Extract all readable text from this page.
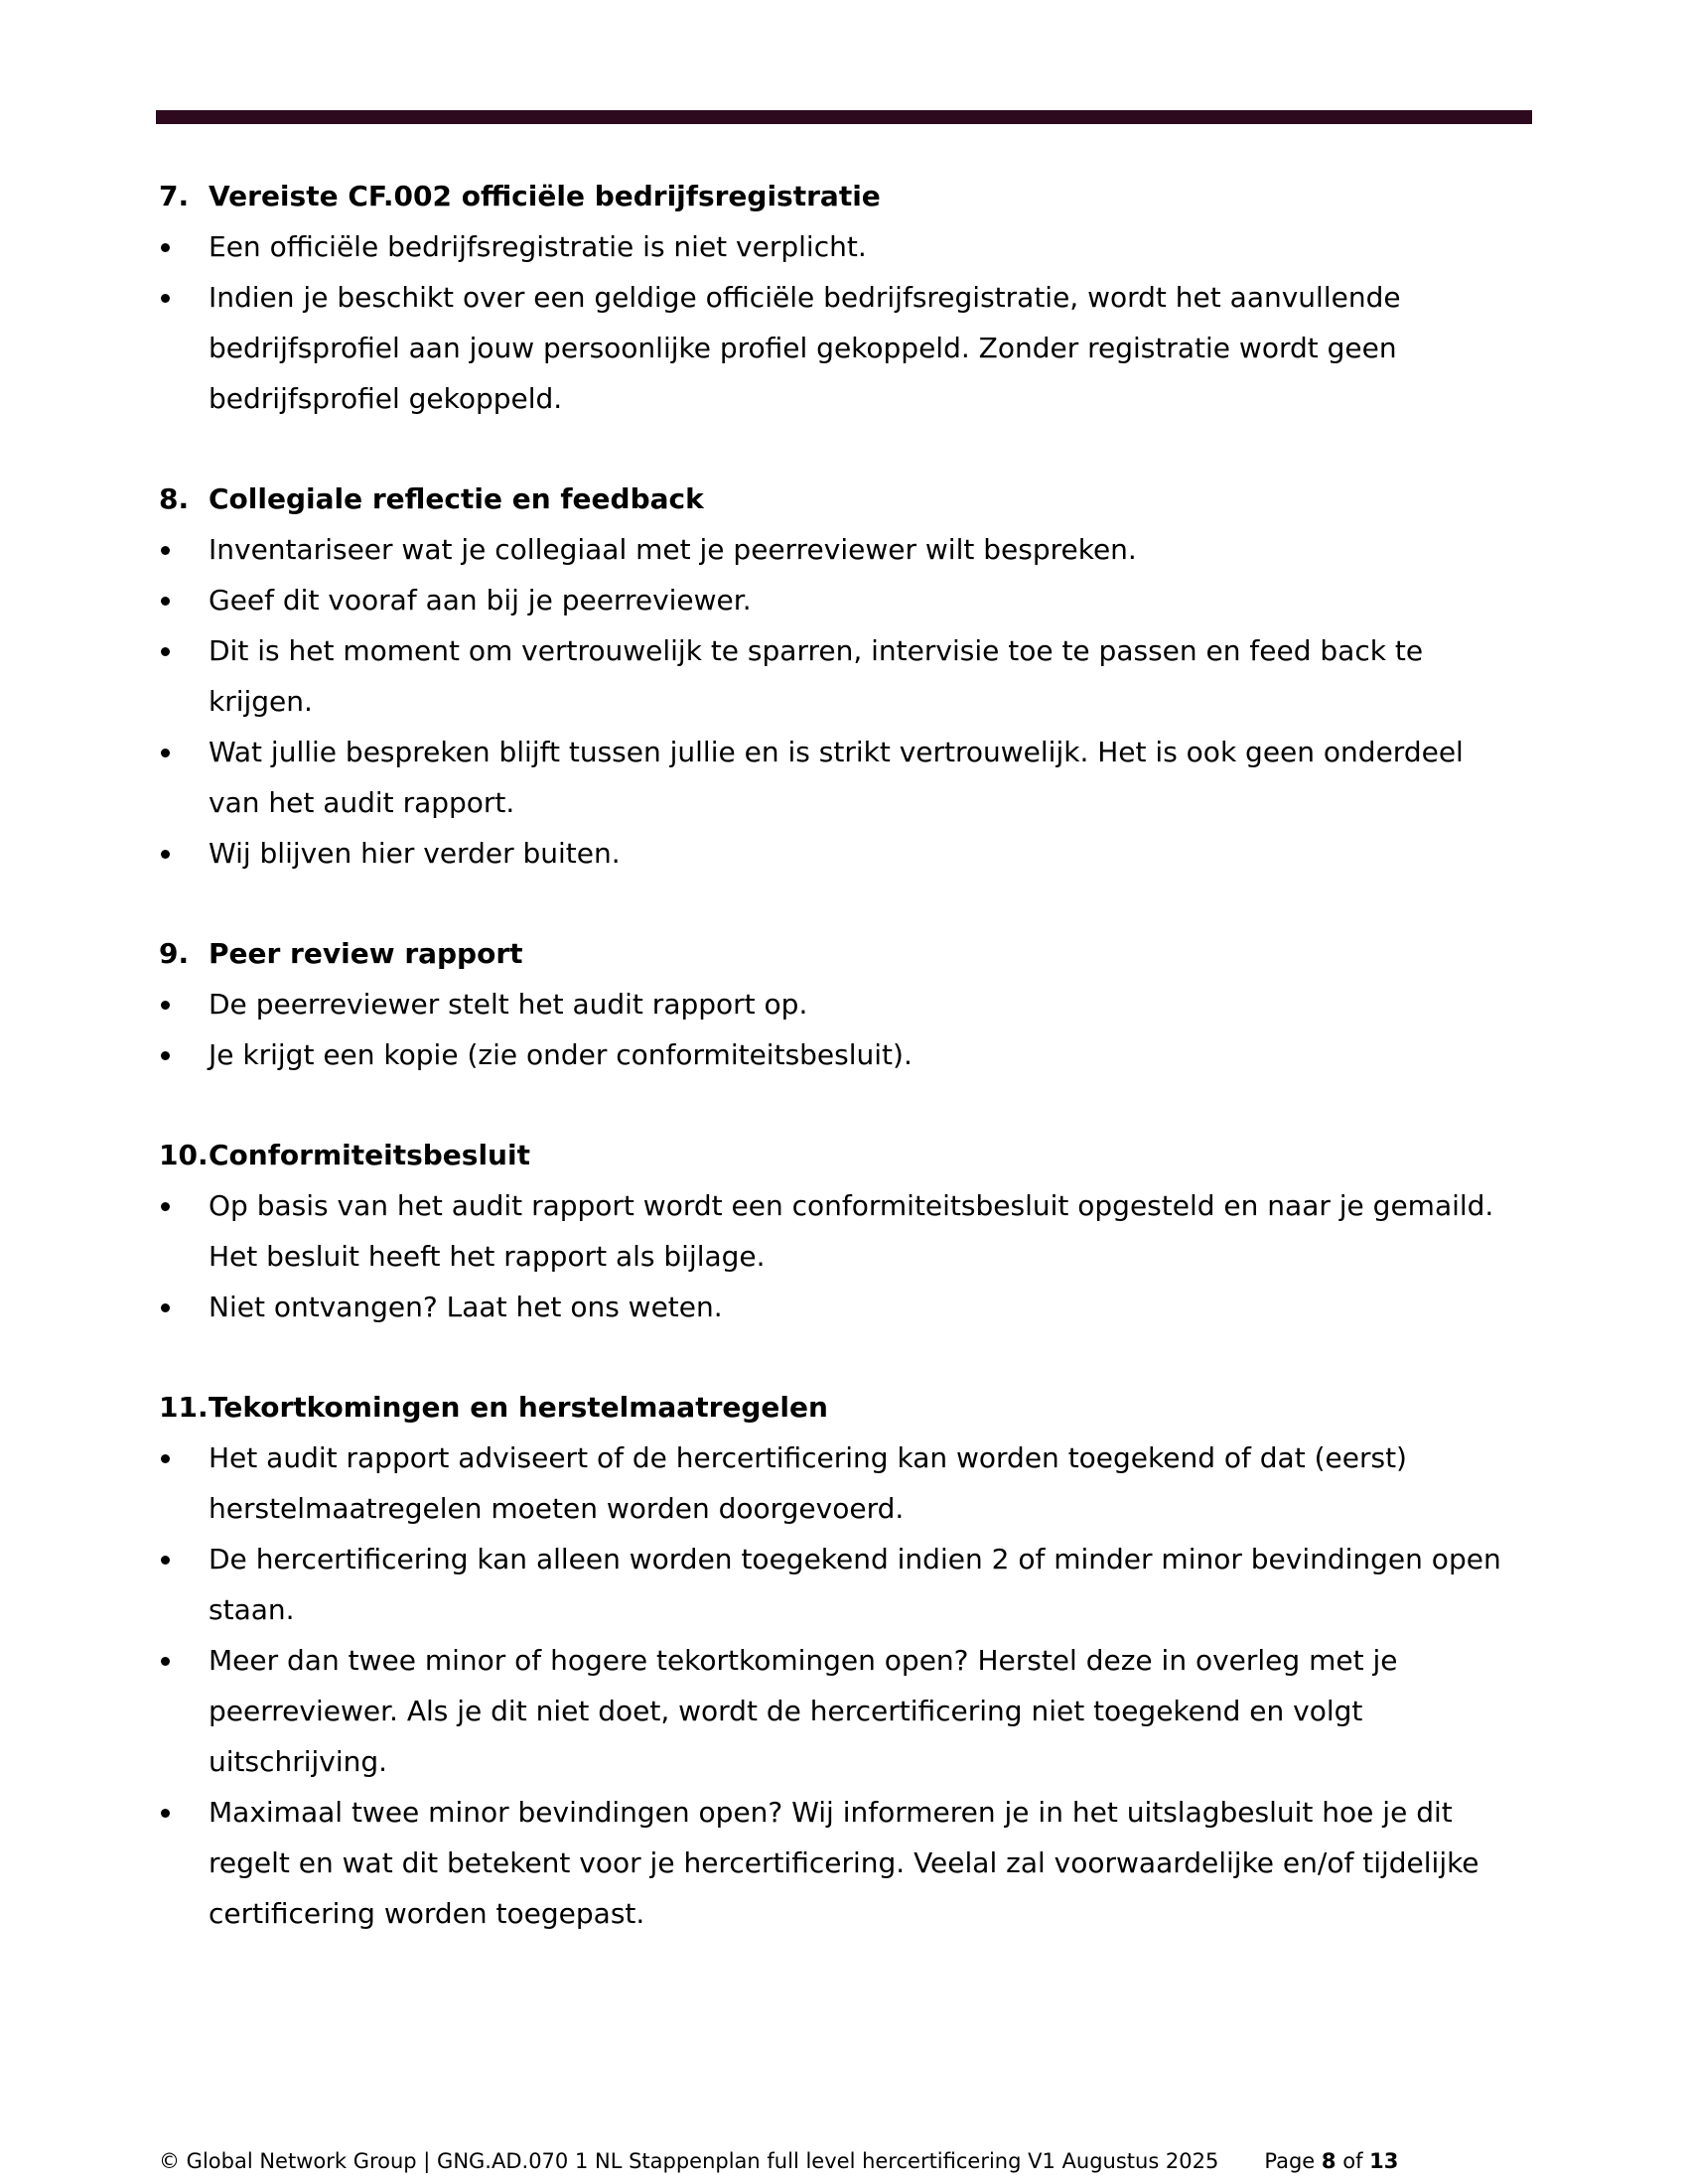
7. Vereiste CF.002 officiële bedrijfsregistratie
Een officiële bedrijfsregistratie is niet verplicht.
Indien je beschikt over een geldige officiële bedrijfsregistratie, wordt het aanvullende bedrijfsprofiel aan jouw persoonlijke profiel gekoppeld. Zonder registratie wordt geen bedrijfsprofiel gekoppeld.
8. Collegiale reflectie en feedback
Inventariseer wat je collegiaal met je peerreviewer wilt bespreken.
Geef dit vooraf aan bij je peerreviewer.
Dit is het moment om vertrouwelijk te sparren, intervisie toe te passen en feed back te krijgen.
Wat jullie bespreken blijft tussen jullie en is strikt vertrouwelijk. Het is ook geen onderdeel van het audit rapport.
Wij blijven hier verder buiten.
9. Peer review rapport
De peerreviewer stelt het audit rapport op.
Je krijgt een kopie (zie onder conformiteitsbesluit).
10. Conformiteitsbesluit
Op basis van het audit rapport wordt een conformiteitsbesluit opgesteld en naar je gemaild. Het besluit heeft het rapport als bijlage.
Niet ontvangen? Laat het ons weten.
11. Tekortkomingen en herstelmaatregelen
Het audit rapport adviseert of de hercertificering kan worden toegekend of dat (eerst) herstelmaatregelen moeten worden doorgevoerd.
De hercertificering kan alleen worden toegekend indien 2 of minder minor bevindingen open staan.
Meer dan twee minor of hogere tekortkomingen open? Herstel deze in overleg met je peerreviewer. Als je dit niet doet, wordt de hercertificering niet toegekend en volgt uitschrijving.
Maximaal twee minor bevindingen open? Wij informeren je in het uitslagbesluit hoe je dit regelt en wat dit betekent voor je hercertificering. Veelal zal voorwaardelijke en/of tijdelijke certificering worden toegepast.
© Global Network Group | GNG.AD.070 1 NL Stappenplan full level hercertificering V1 Augustus 2025 Page 8 of 13
